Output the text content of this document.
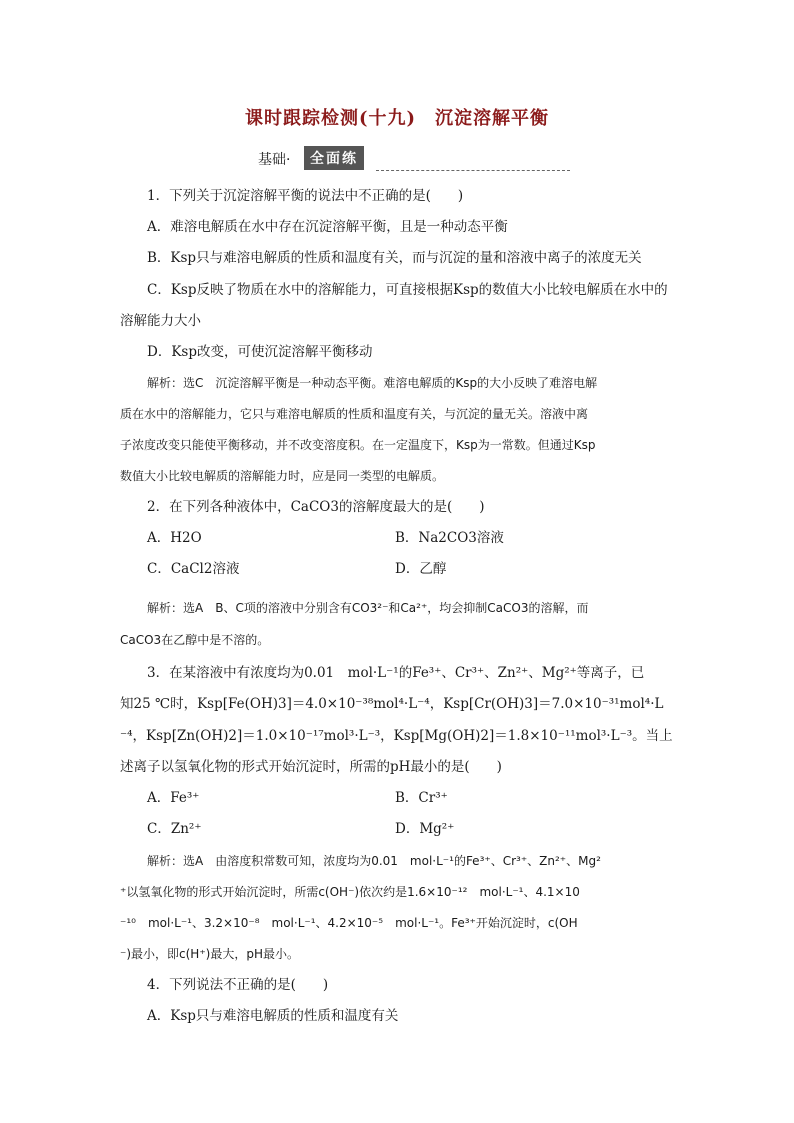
课时跟踪检测(十九)　沉淀溶解平衡
基础·	全面练
1．下列关于沉淀溶解平衡的说法中不正确的是(　　)
A．难溶电解质在水中存在沉淀溶解平衡，且是一种动态平衡
B．Ksp只与难溶电解质的性质和温度有关，而与沉淀的量和溶液中离子的浓度无关
C．Ksp反映了物质在水中的溶解能力，可直接根据Ksp的数值大小比较电解质在水中的
溶解能力大小
D．Ksp改变，可使沉淀溶解平衡移动
解析：选C　沉淀溶解平衡是一种动态平衡。难溶电解质的Ksp的大小反映了难溶电解
质在水中的溶解能力，它只与难溶电解质的性质和温度有关，与沉淀的量无关。溶液中离
子浓度改变只能使平衡移动，并不改变溶度积。在一定温度下，Ksp为一常数。但通过Ksp
数值大小比较电解质的溶解能力时，应是同一类型的电解质。
2．在下列各种液体中，CaCO3的溶解度最大的是(　　)
A．H2O	B．Na2CO3溶液
C．CaCl2溶液	D．乙醇
解析：选A　B、C项的溶液中分别含有CO3²⁻和Ca²⁺，均会抑制CaCO3的溶解，而
CaCO3在乙醇中是不溶的。
3．在某溶液中有浓度均为0.01　mol·L⁻¹的Fe³⁺、Cr³⁺、Zn²⁺、Mg²⁺等离子，已
知25 ℃时，Ksp[Fe(OH)3]＝4.0×10⁻³⁸mol⁴·L⁻⁴，Ksp[Cr(OH)3]＝7.0×10⁻³¹mol⁴·L
⁻⁴，Ksp[Zn(OH)2]＝1.0×10⁻¹⁷mol³·L⁻³，Ksp[Mg(OH)2]＝1.8×10⁻¹¹mol³·L⁻³。当上
述离子以氢氧化物的形式开始沉淀时，所需的pH最小的是(　　)
A．Fe³⁺	B．Cr³⁺
C．Zn²⁺	D．Mg²⁺
解析：选A　由溶度积常数可知，浓度均为0.01　mol·L⁻¹的Fe³⁺、Cr³⁺、Zn²⁺、Mg²
⁺以氢氧化物的形式开始沉淀时，所需c(OH⁻)依次约是1.6×10⁻¹²　mol·L⁻¹、4.1×10
⁻¹⁰　mol·L⁻¹、3.2×10⁻⁸　mol·L⁻¹、4.2×10⁻⁵　mol·L⁻¹。Fe³⁺开始沉淀时，c(OH
⁻)最小，即c(H⁺)最大，pH最小。
4．下列说法不正确的是(　　)
A．Ksp只与难溶电解质的性质和温度有关
